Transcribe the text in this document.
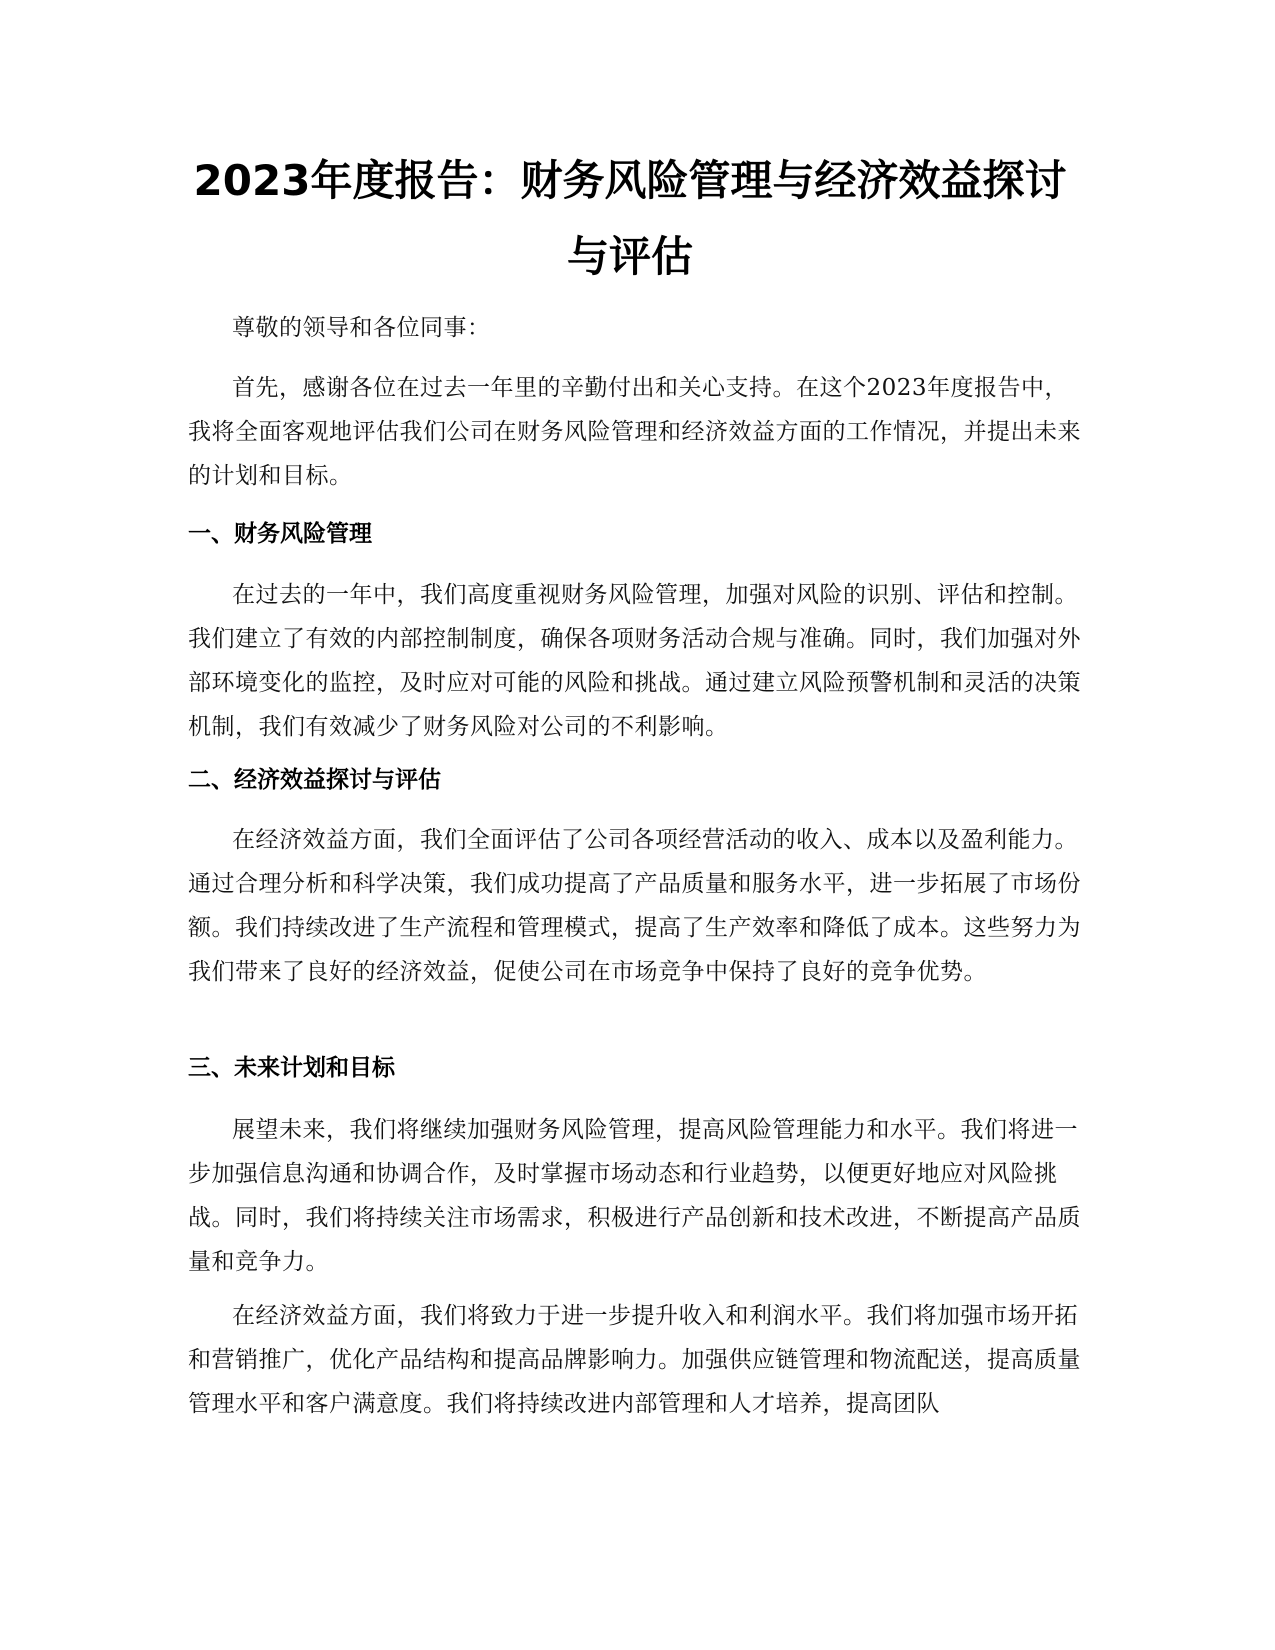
2023年度报告：财务风险管理与经济效益探讨与评估

尊敬的领导和各位同事：

首先，感谢各位在过去一年里的辛勤付出和关心支持。在这个2023年度报告中，我将全面客观地评估我们公司在财务风险管理和经济效益方面的工作情况，并提出未来的计划和目标。

一、财务风险管理

在过去的一年中，我们高度重视财务风险管理，加强对风险的识别、评估和控制。我们建立了有效的内部控制制度，确保各项财务活动合规与准确。同时，我们加强对外部环境变化的监控，及时应对可能的风险和挑战。通过建立风险预警机制和灵活的决策机制，我们有效减少了财务风险对公司的不利影响。

二、经济效益探讨与评估

在经济效益方面，我们全面评估了公司各项经营活动的收入、成本以及盈利能力。通过合理分析和科学决策，我们成功提高了产品质量和服务水平，进一步拓展了市场份额。我们持续改进了生产流程和管理模式，提高了生产效率和降低了成本。这些努力为我们带来了良好的经济效益，促使公司在市场竞争中保持了良好的竞争优势。

三、未来计划和目标

展望未来，我们将继续加强财务风险管理，提高风险管理能力和水平。我们将进一步加强信息沟通和协调合作，及时掌握市场动态和行业趋势，以便更好地应对风险挑战。同时，我们将持续关注市场需求，积极进行产品创新和技术改进，不断提高产品质量和竞争力。

在经济效益方面，我们将致力于进一步提升收入和利润水平。我们将加强市场开拓和营销推广，优化产品结构和提高品牌影响力。加强供应链管理和物流配送，提高质量管理水平和客户满意度。我们将持续改进内部管理和人才培养，提高团队
